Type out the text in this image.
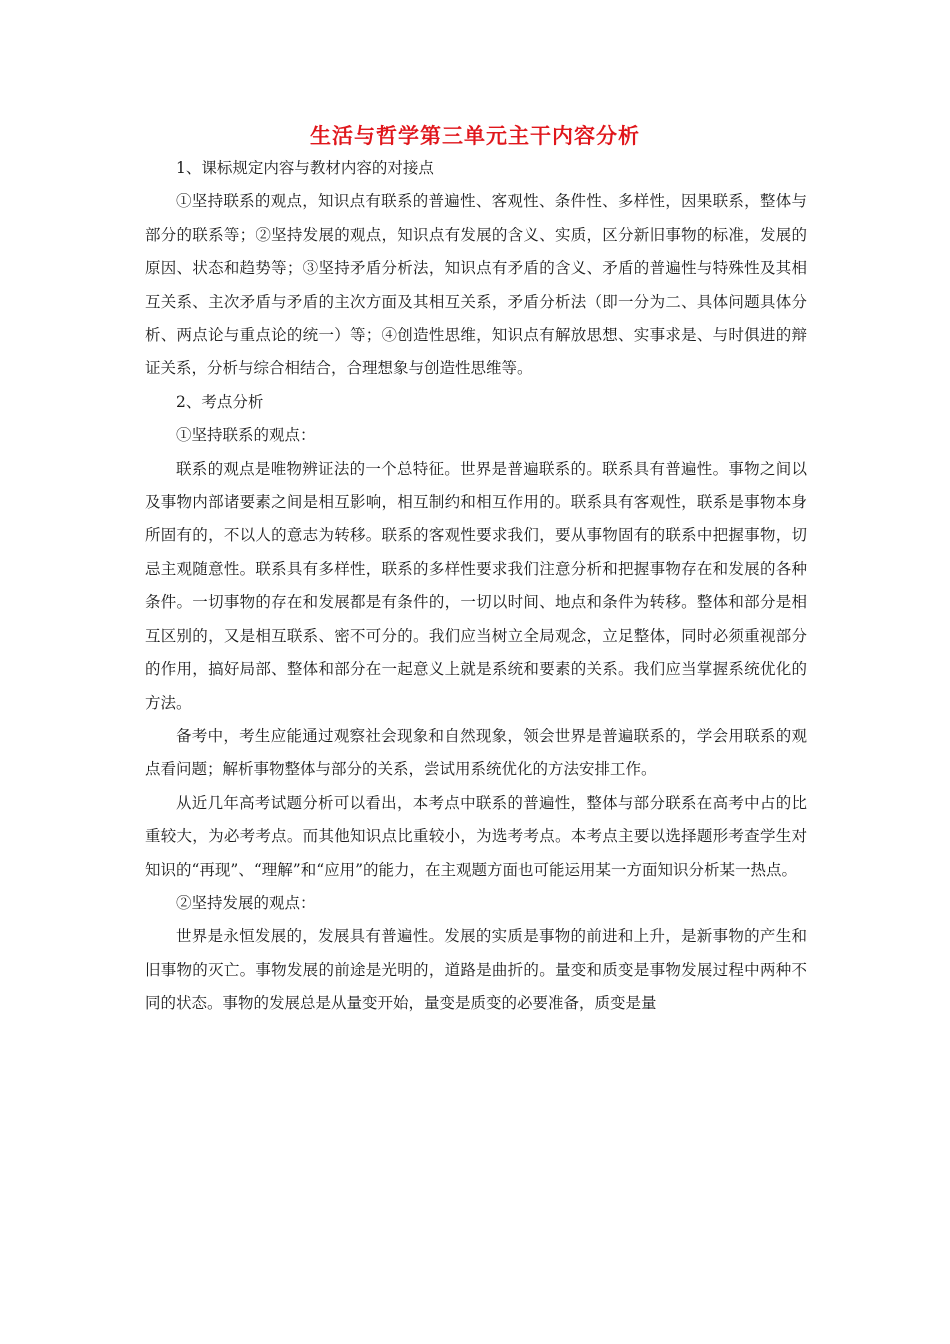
生活与哲学第三单元主干内容分析

1、课标规定内容与教材内容的对接点

①坚持联系的观点，知识点有联系的普遍性、客观性、条件性、多样性，因果联系，整体与部分的联系等；②坚持发展的观点，知识点有发展的含义、实质，区分新旧事物的标准，发展的原因、状态和趋势等；③坚持矛盾分析法，知识点有矛盾的含义、矛盾的普遍性与特殊性及其相互关系、主次矛盾与矛盾的主次方面及其相互关系，矛盾分析法（即一分为二、具体问题具体分析、两点论与重点论的统一）等；④创造性思维，知识点有解放思想、实事求是、与时俱进的辩证关系，分析与综合相结合，合理想象与创造性思维等。

2、考点分析

①坚持联系的观点：

联系的观点是唯物辨证法的一个总特征。世界是普遍联系的。联系具有普遍性。事物之间以及事物内部诸要素之间是相互影响，相互制约和相互作用的。联系具有客观性，联系是事物本身所固有的，不以人的意志为转移。联系的客观性要求我们，要从事物固有的联系中把握事物，切忌主观随意性。联系具有多样性，联系的多样性要求我们注意分析和把握事物存在和发展的各种条件。一切事物的存在和发展都是有条件的，一切以时间、地点和条件为转移。整体和部分是相互区别的，又是相互联系、密不可分的。我们应当树立全局观念，立足整体，同时必须重视部分的作用，搞好局部、整体和部分在一起意义上就是系统和要素的关系。我们应当掌握系统优化的方法。

备考中，考生应能通过观察社会现象和自然现象，领会世界是普遍联系的，学会用联系的观点看问题；解析事物整体与部分的关系，尝试用系统优化的方法安排工作。

从近几年高考试题分析可以看出，本考点中联系的普遍性，整体与部分联系在高考中占的比重较大，为必考考点。而其他知识点比重较小，为选考考点。本考点主要以选择题形考查学生对知识的“再现”、“理解”和“应用”的能力，在主观题方面也可能运用某一方面知识分析某一热点。

②坚持发展的观点：

世界是永恒发展的，发展具有普遍性。发展的实质是事物的前进和上升，是新事物的产生和旧事物的灭亡。事物发展的前途是光明的，道路是曲折的。量变和质变是事物发展过程中两种不同的状态。事物的发展总是从量变开始，量变是质变的必要准备，质变是量
